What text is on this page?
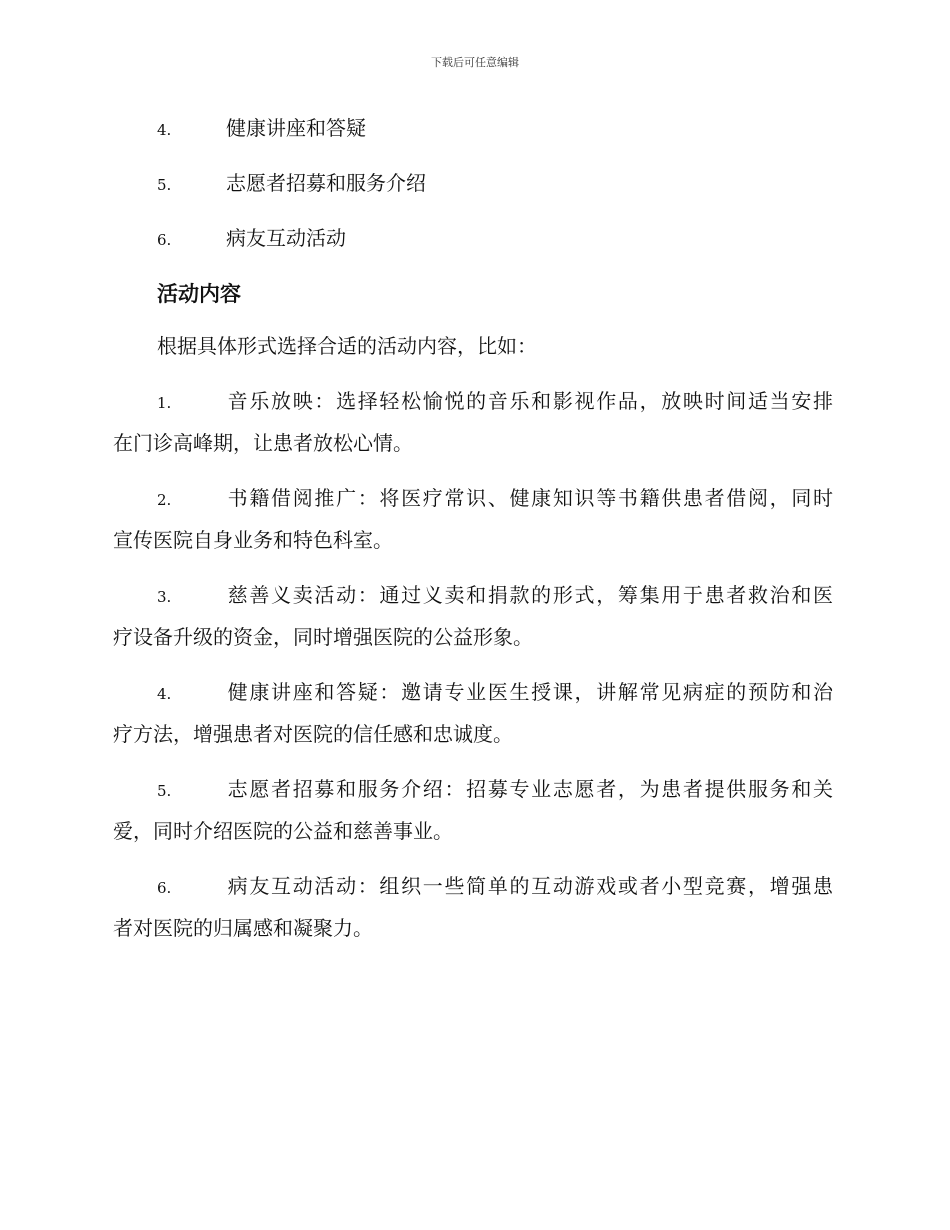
下载后可任意编辑
4.	健康讲座和答疑
5.	志愿者招募和服务介绍
6.	病友互动活动
活动内容
根据具体形式选择合适的活动内容，比如：
1.	音乐放映：选择轻松愉悦的音乐和影视作品，放映时间适当安排
在门诊高峰期，让患者放松心情。
2.	书籍借阅推广：将医疗常识、健康知识等书籍供患者借阅，同时
宣传医院自身业务和特色科室。
3.	慈善义卖活动：通过义卖和捐款的形式，筹集用于患者救治和医
疗设备升级的资金，同时增强医院的公益形象。
4.	健康讲座和答疑：邀请专业医生授课，讲解常见病症的预防和治
疗方法，增强患者对医院的信任感和忠诚度。
5.	志愿者招募和服务介绍：招募专业志愿者，为患者提供服务和关
爱，同时介绍医院的公益和慈善事业。
6.	病友互动活动：组织一些简单的互动游戏或者小型竞赛，增强患
者对医院的归属感和凝聚力。
